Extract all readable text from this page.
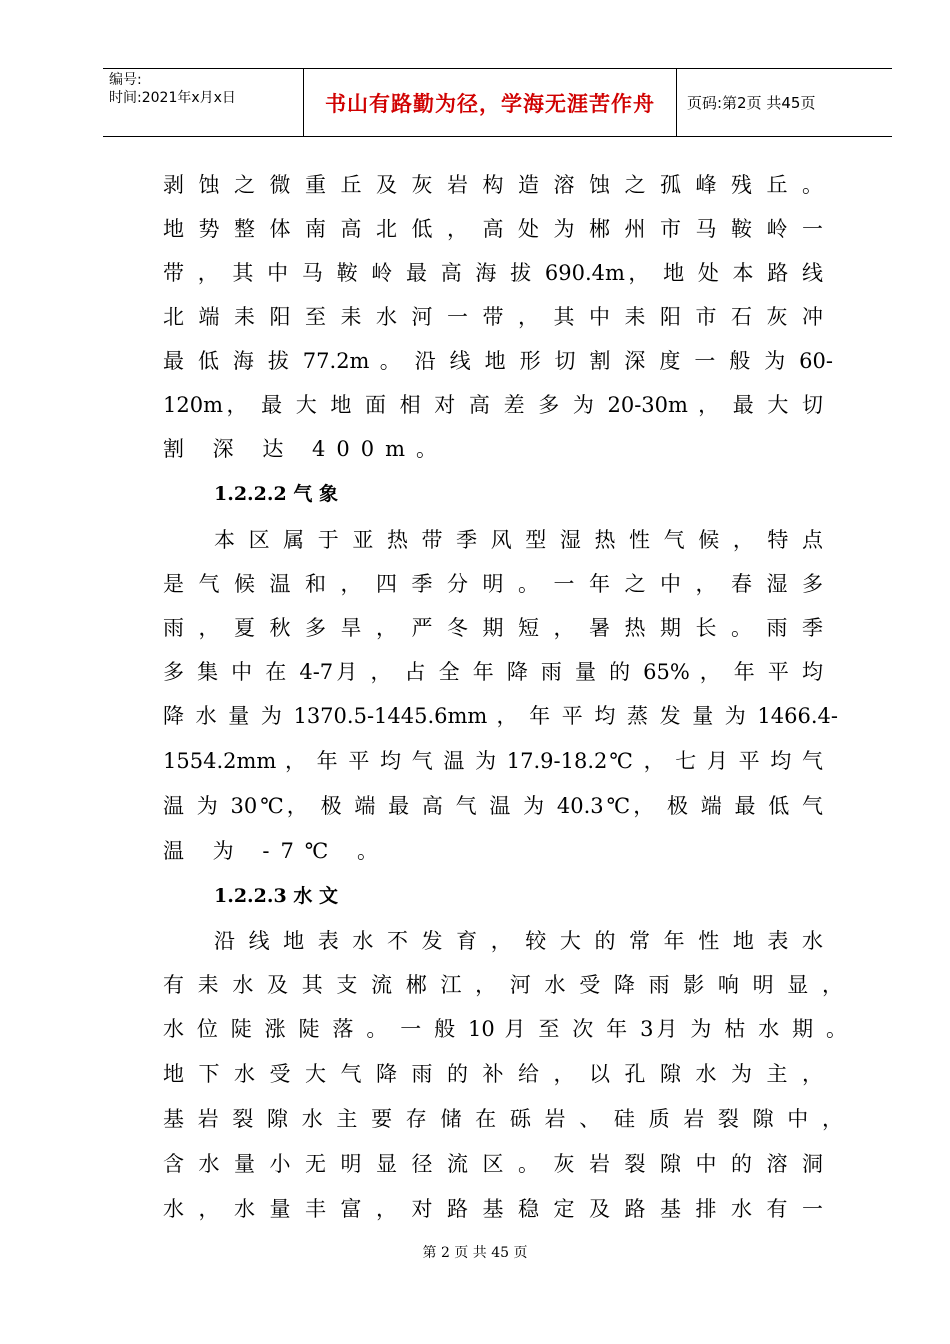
编号:
时间:2021年x月x日	书山有路勤为径，学海无涯苦作舟 页码:第2页 共45页
剥 蚀 之 微 重 丘 及 灰 岩 构 造 溶 蚀 之 孤 峰 残 丘 。
地 势 整 体 南 高 北 低 ， 高 处 为 郴 州 市 马 鞍 岭 一
带 ， 其 中 马 鞍 岭 最 高 海 拔 690.4m， 地 处 本 路 线
北 端 耒 阳 至 耒 水 河 一 带 ， 其 中 耒 阳 市 石 灰 冲
最 低 海 拔 77.2m 。 沿 线 地 形 切 割 深 度 一 般 为 60-
120m， 最 大 地 面 相 对 高 差 多 为 20-30m ， 最 大 切
割 深 达 400m。
1.2.2.2 气 象
本 区 属 于 亚 热 带 季 风 型 湿 热 性 气 候 ， 特 点
是 气 候 温 和 ， 四 季 分 明 。 一 年 之 中 ， 春 湿 多
雨 ， 夏 秋 多 旱 ， 严 冬 期 短 ， 暑 热 期 长 。 雨 季
多 集 中 在 4-7月 ， 占 全 年 降 雨 量 的 65% ， 年 平 均
降 水 量 为 1370.5-1445.6mm ， 年 平 均 蒸 发 量 为 1466.4-
1554.2mm ， 年 平 均 气 温 为 17.9-18.2℃ ， 七 月 平 均 气
温 为 30℃， 极 端 最 高 气 温 为 40.3℃， 极 端 最 低 气
温 为 -7℃ 。
1.2.2.3 水 文
沿 线 地 表 水 不 发 育 ， 较 大 的 常 年 性 地 表 水
有 耒 水 及 其 支 流 郴 江 ， 河 水 受 降 雨 影 响 明 显 ，
水 位 陡 涨 陡 落 。 一 般 10 月 至 次 年 3月 为 枯 水 期 。
地 下 水 受 大 气 降 雨 的 补 给 ， 以 孔 隙 水 为 主 ，
基 岩 裂 隙 水 主 要 存 储 在 砾 岩 、 硅 质 岩 裂 隙 中 ，
含 水 量 小 无 明 显 径 流 区 。 灰 岩 裂 隙 中 的 溶 洞
水 ， 水 量 丰 富 ， 对 路 基 稳 定 及 路 基 排 水 有 一
第 2 页 共 45 页
